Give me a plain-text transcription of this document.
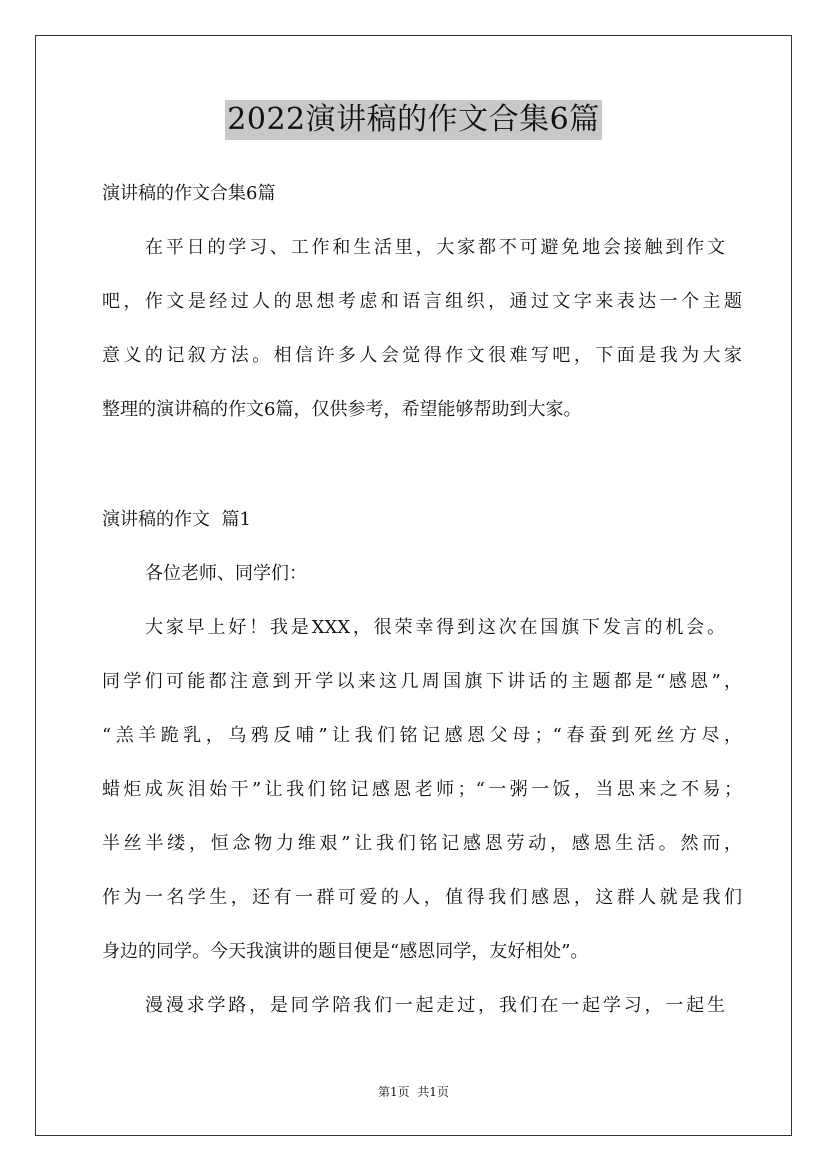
2022演讲稿的作文合集6篇
演讲稿的作文合集6篇
在平日的学习、工作和生活里，大家都不可避免地会接触到作文
吧，作文是经过人的思想考虑和语言组织，通过文字来表达一个主题
意义的记叙方法。相信许多人会觉得作文很难写吧，下面是我为大家
整理的演讲稿的作文6篇，仅供参考，希望能够帮助到大家。
演讲稿的作文  篇1
各位老师、同学们：
大家早上好！我是XXX，很荣幸得到这次在国旗下发言的机会。
同学们可能都注意到开学以来这几周国旗下讲话的主题都是“感恩”，
“羔羊跪乳，乌鸦反哺”让我们铭记感恩父母；“春蚕到死丝方尽，
蜡炬成灰泪始干”让我们铭记感恩老师；“一粥一饭，当思来之不易；
半丝半缕，恒念物力维艰”让我们铭记感恩劳动，感恩生活。然而，
作为一名学生，还有一群可爱的人，值得我们感恩，这群人就是我们
身边的同学。今天我演讲的题目便是“感恩同学，友好相处”。
漫漫求学路，是同学陪我们一起走过，我们在一起学习，一起生
第1页  共1页
